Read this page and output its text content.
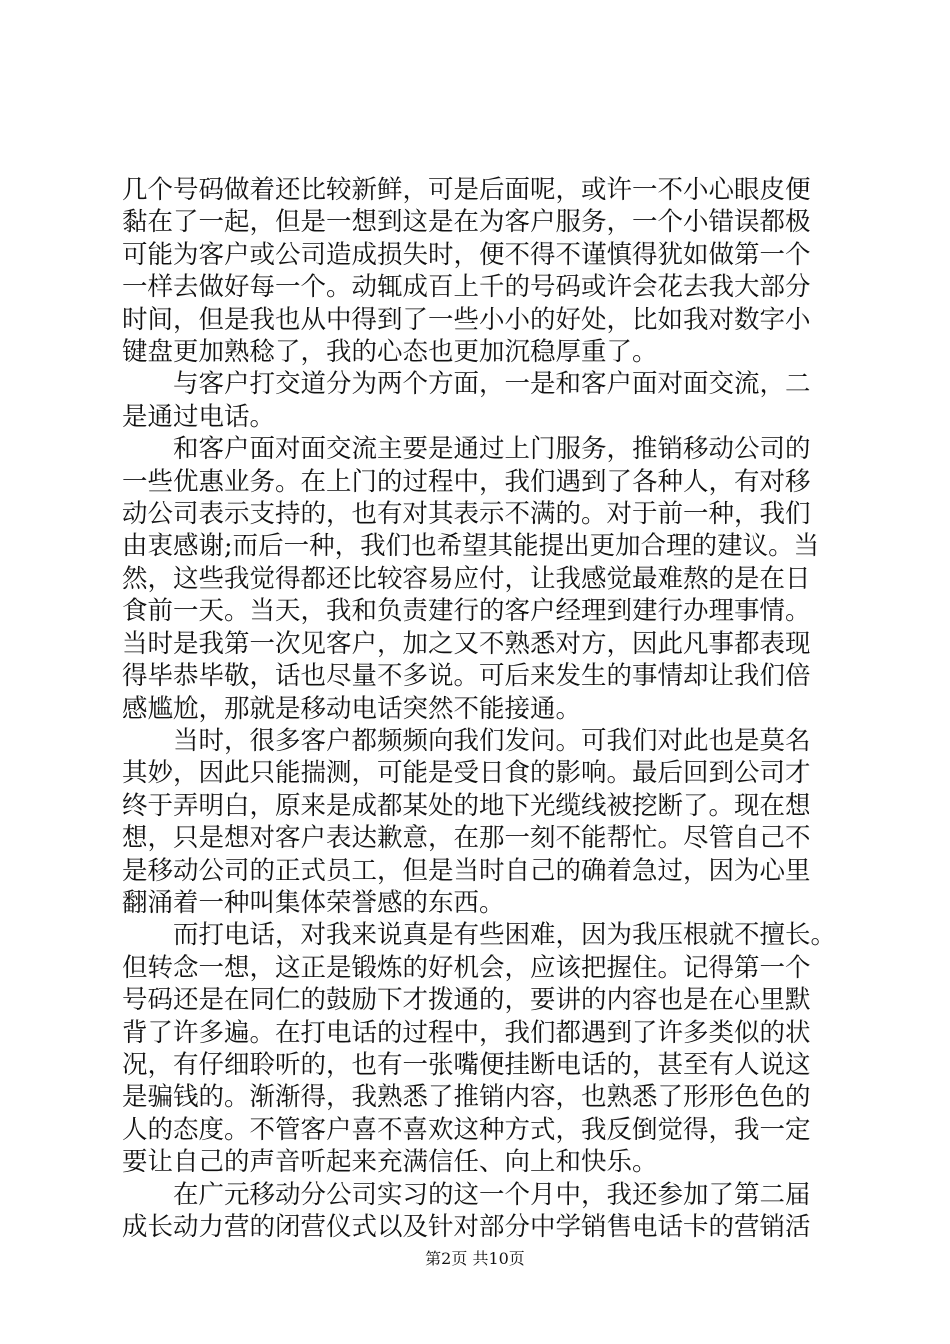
几个号码做着还比较新鲜，可是后面呢，或许一不小心眼皮便
黏在了一起，但是一想到这是在为客户服务，一个小错误都极
可能为客户或公司造成损失时，便不得不谨慎得犹如做第一个
一样去做好每一个。动辄成百上千的号码或许会花去我大部分
时间，但是我也从中得到了一些小小的好处，比如我对数字小
键盘更加熟稔了，我的心态也更加沉稳厚重了。
与客户打交道分为两个方面，一是和客户面对面交流，二
是通过电话。
和客户面对面交流主要是通过上门服务，推销移动公司的
一些优惠业务。在上门的过程中，我们遇到了各种人，有对移
动公司表示支持的，也有对其表示不满的。对于前一种，我们
由衷感谢;而后一种，我们也希望其能提出更加合理的建议。当
然，这些我觉得都还比较容易应付，让我感觉最难熬的是在日
食前一天。当天，我和负责建行的客户经理到建行办理事情。
当时是我第一次见客户，加之又不熟悉对方，因此凡事都表现
得毕恭毕敬，话也尽量不多说。可后来发生的事情却让我们倍
感尴尬，那就是移动电话突然不能接通。
当时，很多客户都频频向我们发问。可我们对此也是莫名
其妙，因此只能揣测，可能是受日食的影响。最后回到公司才
终于弄明白，原来是成都某处的地下光缆线被挖断了。现在想
想，只是想对客户表达歉意，在那一刻不能帮忙。尽管自己不
是移动公司的正式员工，但是当时自己的确着急过，因为心里
翻涌着一种叫集体荣誉感的东西。
而打电话，对我来说真是有些困难，因为我压根就不擅长。
但转念一想，这正是锻炼的好机会，应该把握住。记得第一个
号码还是在同仁的鼓励下才拨通的，要讲的内容也是在心里默
背了许多遍。在打电话的过程中，我们都遇到了许多类似的状
况，有仔细聆听的，也有一张嘴便挂断电话的，甚至有人说这
是骗钱的。渐渐得，我熟悉了推销内容，也熟悉了形形色色的
人的态度。不管客户喜不喜欢这种方式，我反倒觉得，我一定
要让自己的声音听起来充满信任、向上和快乐。
在广元移动分公司实习的这一个月中，我还参加了第二届
成长动力营的闭营仪式以及针对部分中学销售电话卡的营销活
第2页 共10页
